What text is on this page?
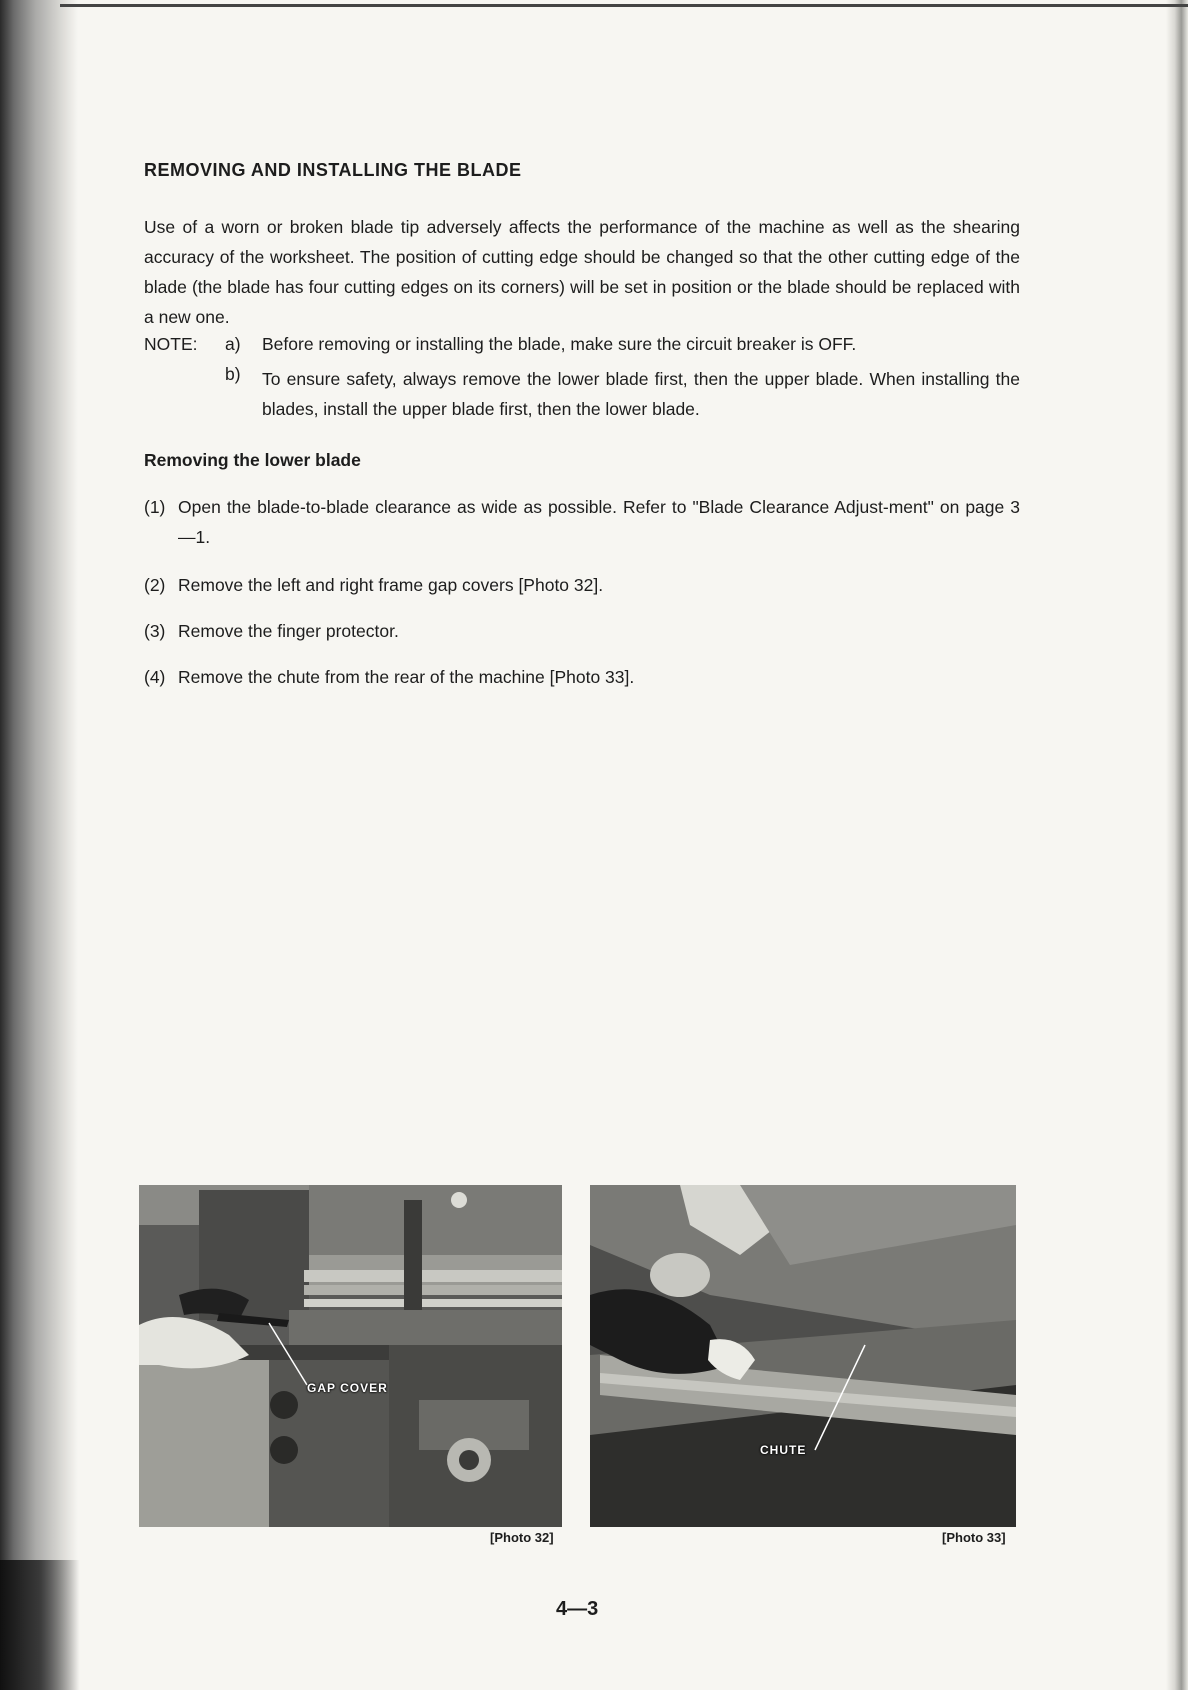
REMOVING AND INSTALLING THE BLADE
Use of a worn or broken blade tip adversely affects the performance of the machine as well as the shearing accuracy of the worksheet. The position of cutting edge should be changed so that the other cutting edge of the blade (the blade has four cutting edges on its corners) will be set in position or the blade should be replaced with a new one.
NOTE: a) Before removing or installing the blade, make sure the circuit breaker is OFF.
b) To ensure safety, always remove the lower blade first, then the upper blade. When installing the blades, install the upper blade first, then the lower blade.
Removing the lower blade
(1) Open the blade-to-blade clearance as wide as possible. Refer to "Blade Clearance Adjust-ment" on page 3—1.
(2) Remove the left and right frame gap covers [Photo 32].
(3) Remove the finger protector.
(4) Remove the chute from the rear of the machine [Photo 33].
GAP COVER
[Photo 32]
CHUTE
[Photo 33]
4—3
